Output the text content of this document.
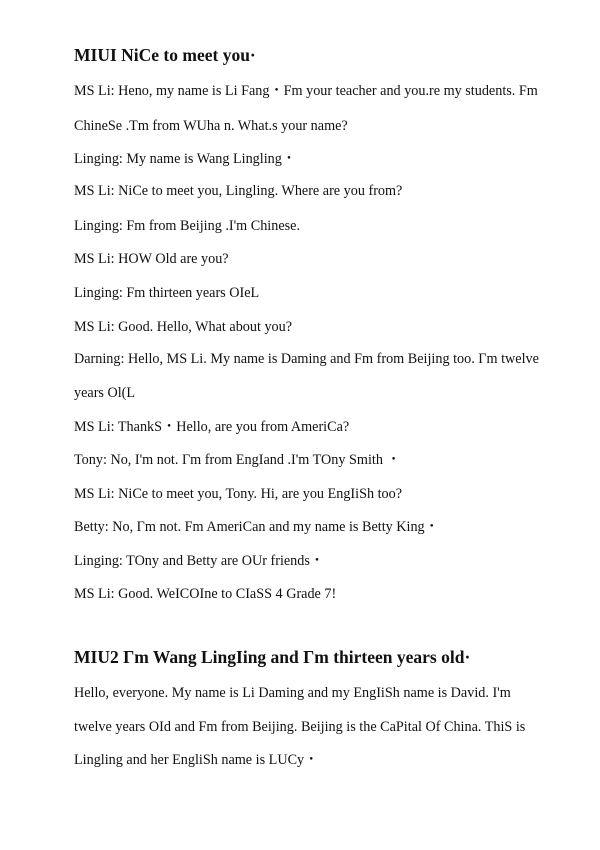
MIUI NiCe to meet you·

MS Li: Heno, my name is Li Fang・Fm your teacher and you.re my students. Fm

ChineSe .Tm from WUha n. What.s your name?

Linging: My name is Wang Lingling・

MS Li: NiCe to meet you, Lingling. Where are you from?

Linging: Fm from Beijing .I'm Chinese.

MS Li: HOW Old are you?

Linging: Fm thirteen years OIeL

MS Li: Good. Hello, What about you?

Darning: Hello, MS Li. My name is Daming and Fm from Beijing too. Γm twelve

years Ol(L

MS Li: ThankS・Hello, are you from AmeriCa?

Tony: No, I'm not. Γm from EngIand .I'm TOny Smith ・

MS Li: NiCe to meet you, Tony. Hi, are you EngIiSh too?

Betty: No, Γm not. Fm AmeriCan and my name is Betty King・

Linging: TOny and Betty are OUr friends・

MS Li: Good. WeICOIne to CIaSS 4 Grade 7!

MIU2 Γm Wang LingIing and Γm thirteen years old·

Hello, everyone. My name is Li Daming and my EngIiSh name is David. I'm

twelve years OId and Fm from Beijing. Beijing is the CaPital Of China. ThiS is

Lingling and her EngliSh name is LUCy・
